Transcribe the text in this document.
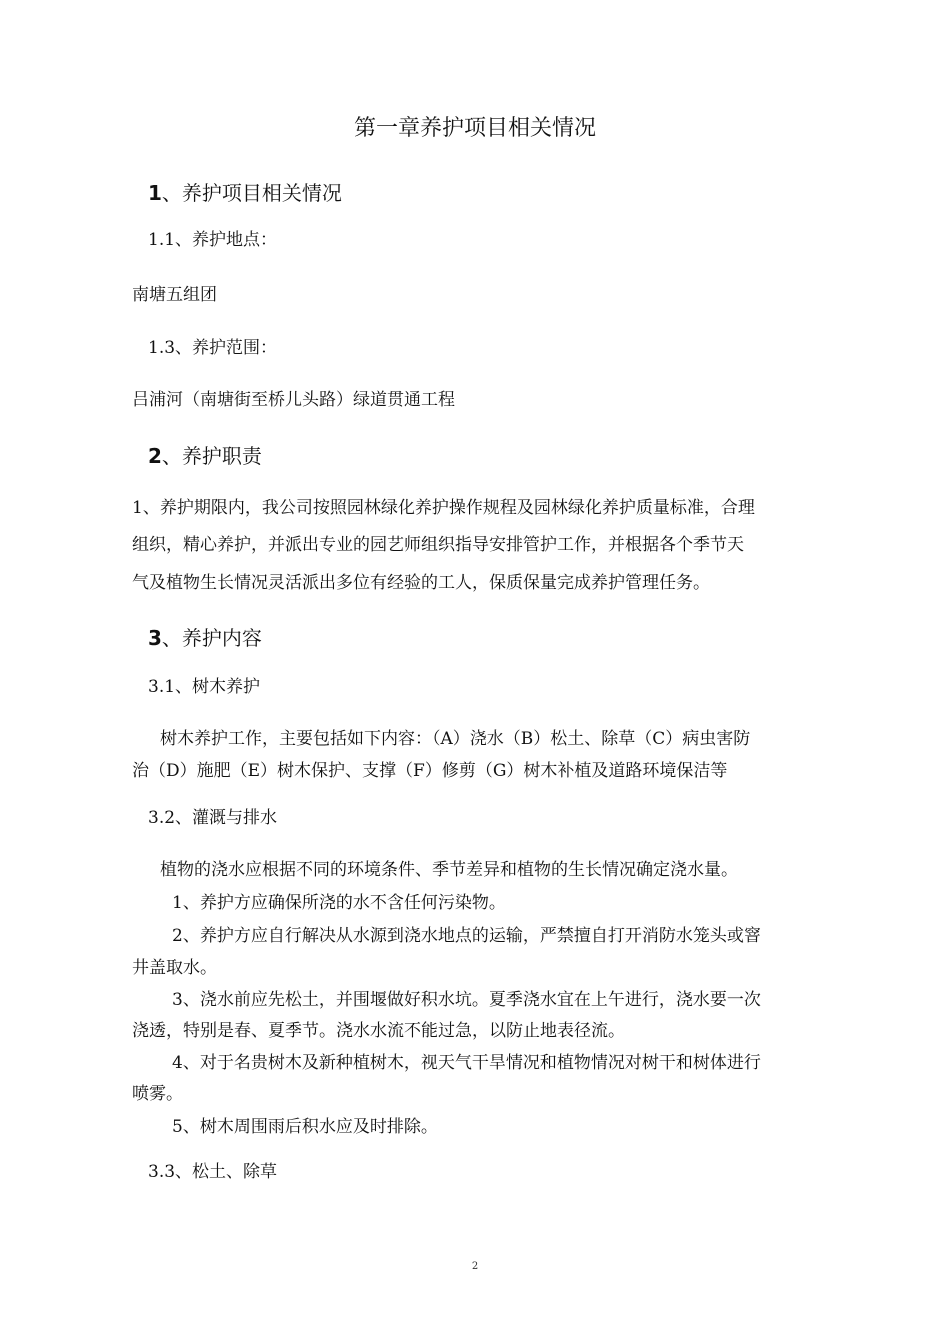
第一章养护项目相关情况
1、养护项目相关情况
1.1、养护地点：
南塘五组团
1.3、养护范围：
吕浦河（南塘街至桥儿头路）绿道贯通工程
2、养护职责
1、养护期限内，我公司按照园林绿化养护操作规程及园林绿化养护质量标准，合理
组织，精心养护，并派出专业的园艺师组织指导安排管护工作，并根据各个季节天
气及植物生长情况灵活派出多位有经验的工人，保质保量完成养护管理任务。
3、养护内容
3.1、树木养护
树木养护工作，主要包括如下内容：（A）浇水（B）松土、除草（C）病虫害防
治（D）施肥（E）树木保护、支撑（F）修剪（G）树木补植及道路环境保洁等
3.2、灌溉与排水
植物的浇水应根据不同的环境条件、季节差异和植物的生长情况确定浇水量。
1、养护方应确保所浇的水不含任何污染物。
2、养护方应自行解决从水源到浇水地点的运输，严禁擅自打开消防水笼头或窨
井盖取水。
3、浇水前应先松土，并围堰做好积水坑。夏季浇水宜在上午进行，浇水要一次
浇透，特别是春、夏季节。浇水水流不能过急，以防止地表径流。
4、对于名贵树木及新种植树木，视天气干旱情况和植物情况对树干和树体进行
喷雾。
5、树木周围雨后积水应及时排除。
3.3、松土、除草
2
